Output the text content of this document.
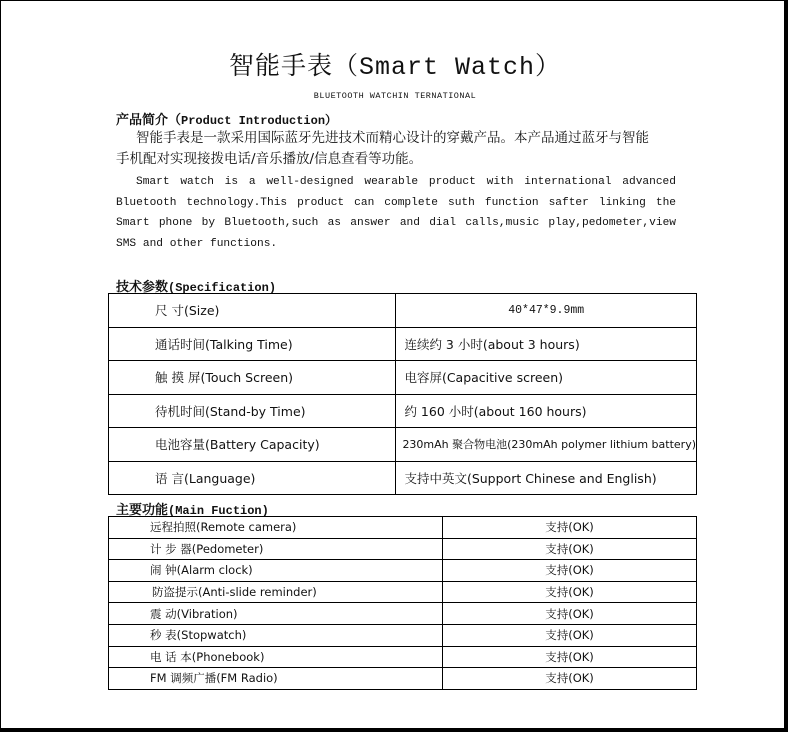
智能手表（Smart Watch）
BLUETOOTH WATCHIN TERNATIONAL
产品简介（Product Introduction）
智能手表是一款采用国际蓝牙先进技术而精心设计的穿戴产品。本产品通过蓝牙与智能
手机配对实现接拨电话/音乐播放/信息查看等功能。
Smart watch is a well-designed wearable product with international advanced Bluetooth technology.This product can complete suth function safter linking the Smart phone by Bluetooth,such as answer and dial calls,music play,pedometer,view SMS and other functions.
技术参数(Specification)
尺 寸(Size)	40*47*9.9mm
通话时间(Talking Time)	连续约 3 小时(about 3 hours)
触 摸 屏(Touch Screen)	电容屏(Capacitive screen)
待机时间(Stand-by Time)	约 160 小时(about 160 hours)
电池容量(Battery Capacity)	230mAh 聚合物电池(230mAh polymer lithium battery)
语 言(Language)	支持中英文(Support Chinese and English)
主要功能(Main Fuction)
远程拍照(Remote camera)	支持(OK)
计 步 器(Pedometer)	支持(OK)
闹 钟(Alarm clock)	支持(OK)
防盗提示(Anti-slide reminder)	支持(OK)
震 动(Vibration)	支持(OK)
秒 表(Stopwatch)	支持(OK)
电 话 本(Phonebook)	支持(OK)
FM 调频广播(FM Radio)	支持(OK)
